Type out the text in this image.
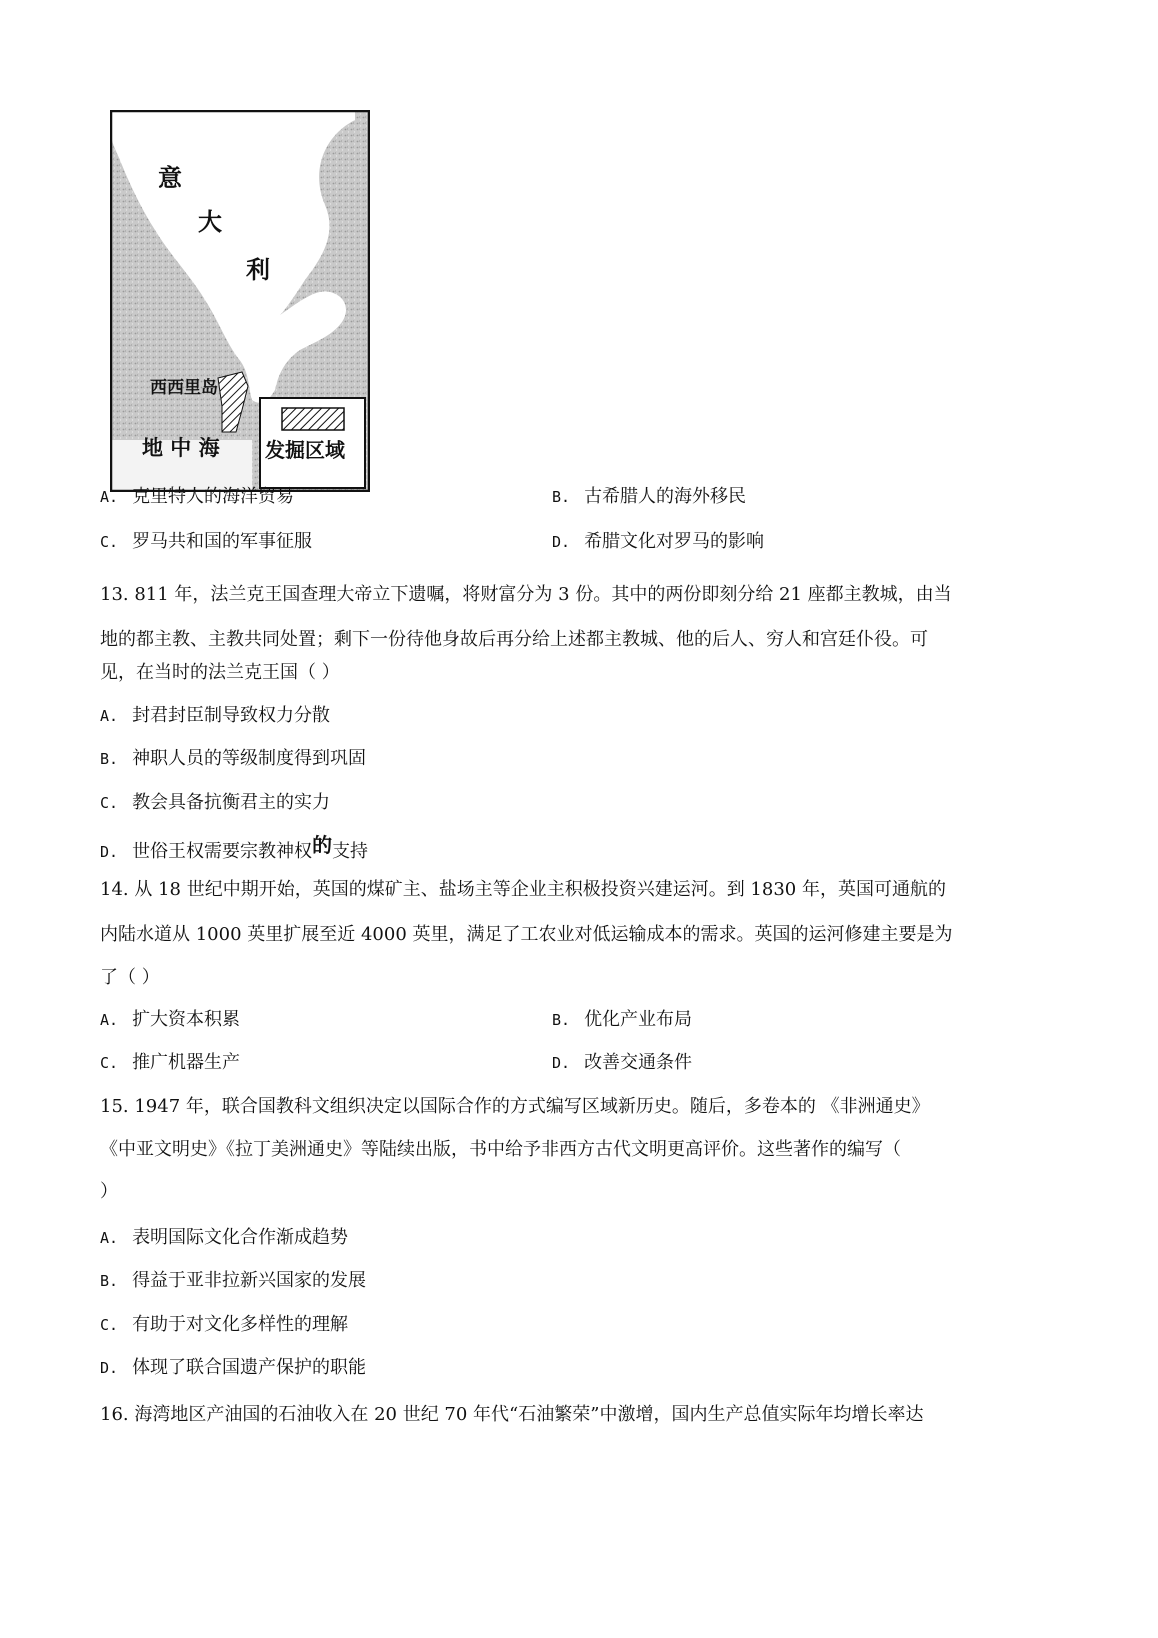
意
大
利
西西里岛
地 中 海 发掘区域
A. 克里特人的海洋贸易	B. 古希腊人的海外移民
C. 罗马共和国的军事征服	D. 希腊文化对罗马的影响
13. 811 年，法兰克王国查理大帝立下遗嘱，将财富分为 3 份。其中的两份即刻分给 21 座都主教城，由当
地的都主教、主教共同处置；剩下一份待他身故后再分给上述都主教城、他的后人、穷人和宫廷仆役。可
见，在当时的法兰克王国（ ）
A. 封君封臣制导致权力分散
B. 神职人员的等级制度得到巩固
C. 教会具备抗衡君主的实力
D. 世俗王权需要宗教神权的支持
14. 从 18 世纪中期开始，英国的煤矿主、盐场主等企业主积极投资兴建运河。到 1830 年，英国可通航的
内陆水道从 1000 英里扩展至近 4000 英里，满足了工农业对低运输成本的需求。英国的运河修建主要是为
了（ ）
A. 扩大资本积累	B. 优化产业布局
C. 推广机器生产	D. 改善交通条件
15. 1947 年，联合国教科文组织决定以国际合作的方式编写区域新历史。随后，多卷本的 《非洲通史》
《中亚文明史》《拉丁美洲通史》等陆续出版，书中给予非西方古代文明更高评价。这些著作的编写（
）
A. 表明国际文化合作渐成趋势
B. 得益于亚非拉新兴国家的发展
C. 有助于对文化多样性的理解
D. 体现了联合国遗产保护的职能
16. 海湾地区产油国的石油收入在 20 世纪 70 年代“石油繁荣”中激增，国内生产总值实际年均增长率达
